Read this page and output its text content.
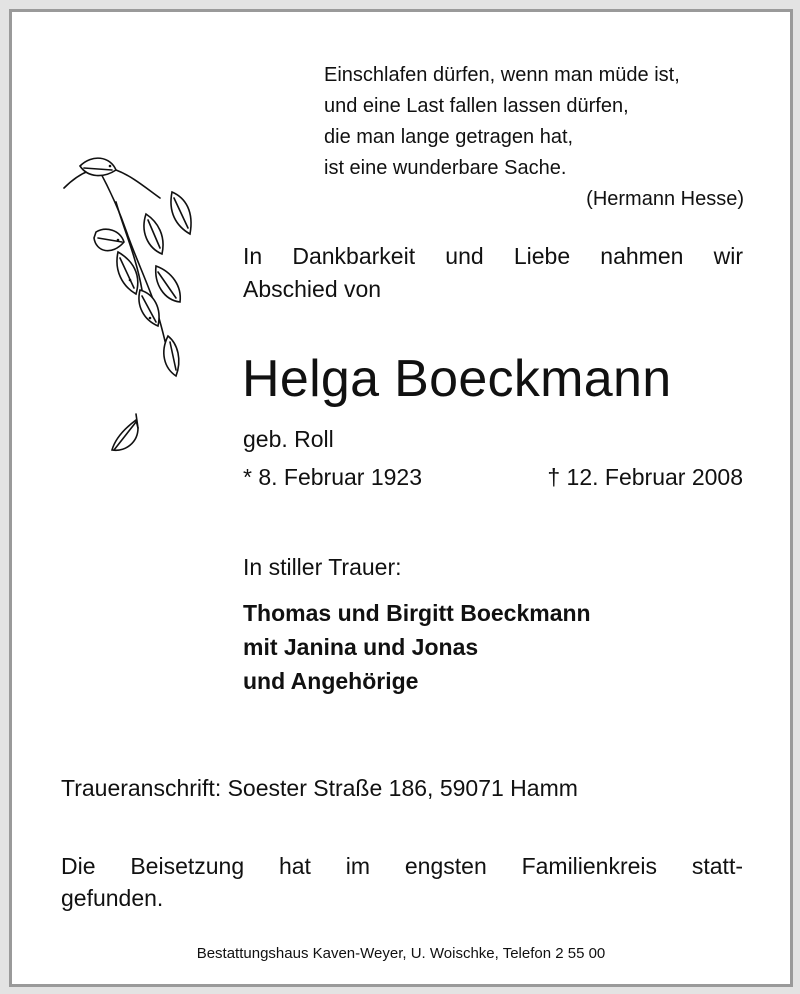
Einschlafen dürfen, wenn man müde ist,
und eine Last fallen lassen dürfen,
die man lange getragen hat,
ist eine wunderbare Sache.
(Hermann Hesse)
In Dankbarkeit und Liebe nahmen wir
Abschied von
Helga Boeckmann
geb. Roll
* 8. Februar 1923	† 12. Februar 2008
In stiller Trauer:
Thomas und Birgitt Boeckmann
mit Janina und Jonas
und Angehörige
Traueranschrift: Soester Straße 186, 59071 Hamm
Die Beisetzung hat im engsten Familienkreis statt-
gefunden.
Bestattungshaus Kaven-Weyer, U. Woischke, Telefon 2 55 00
